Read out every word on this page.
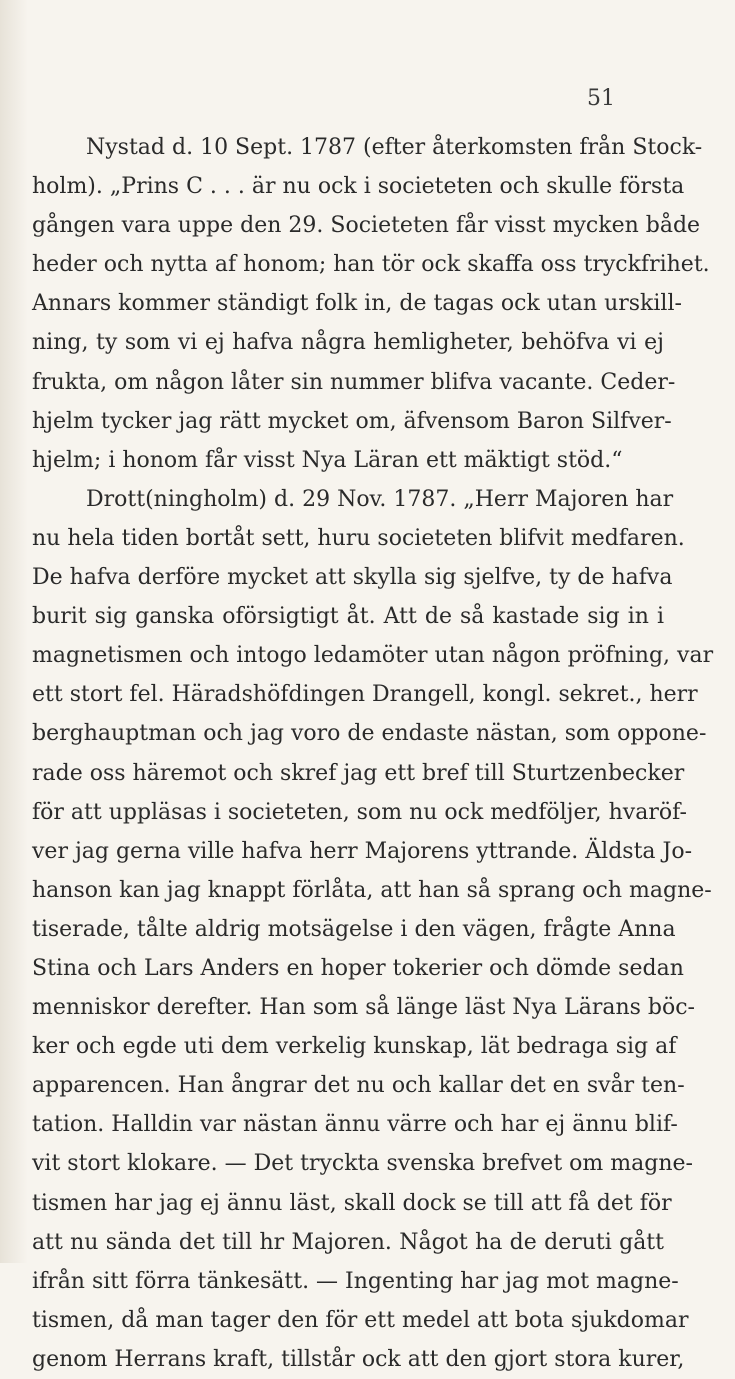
51
Nystad d. 10 Sept. 1787 (efter återkomsten från Stock-
holm). „Prins C . . . är nu ock i societeten och skulle första
gången vara uppe den 29. Societeten får visst mycken både
heder och nytta af honom; han tör ock skaffa oss tryckfrihet.
Annars kommer ständigt folk in, de tagas ock utan urskill-
ning, ty som vi ej hafva några hemligheter, behöfva vi ej
frukta, om någon låter sin nummer blifva vacante. Ceder-
hjelm tycker jag rätt mycket om, äfvensom Baron Silfver-
hjelm; i honom får visst Nya Läran ett mäktigt stöd.“
Drott(ningholm) d. 29 Nov. 1787. „Herr Majoren har
nu hela tiden bortåt sett, huru societeten blifvit medfaren.
De hafva derföre mycket att skylla sig sjelfve, ty de hafva
burit sig ganska oförsigtigt åt. Att de så kastade sig in i
magnetismen och intogo ledamöter utan någon pröfning, var
ett stort fel. Häradshöfdingen Drangell, kongl. sekret., herr
berghauptman och jag voro de endaste nästan, som oppone-
rade oss häremot och skref jag ett bref till Sturtzenbecker
för att uppläsas i societeten, som nu ock medföljer, hvaröf-
ver jag gerna ville hafva herr Majorens yttrande. Äldsta Jo-
hanson kan jag knappt förlåta, att han så sprang och magne-
tiserade, tålte aldrig motsägelse i den vägen, frågte Anna
Stina och Lars Anders en hoper tokerier och dömde sedan
menniskor derefter. Han som så länge läst Nya Lärans böc-
ker och egde uti dem verkelig kunskap, lät bedraga sig af
apparencen. Han ångrar det nu och kallar det en svår ten-
tation. Halldin var nästan ännu värre och har ej ännu blif-
vit stort klokare. — Det tryckta svenska brefvet om magne-
tismen har jag ej ännu läst, skall dock se till att få det för
att nu sända det till hr Majoren. Något ha de deruti gått
ifrån sitt förra tänkesätt. — Ingenting har jag mot magne-
tismen, då man tager den för ett medel att bota sjukdomar
genom Herrans kraft, tillstår ock att den gjort stora kurer,
